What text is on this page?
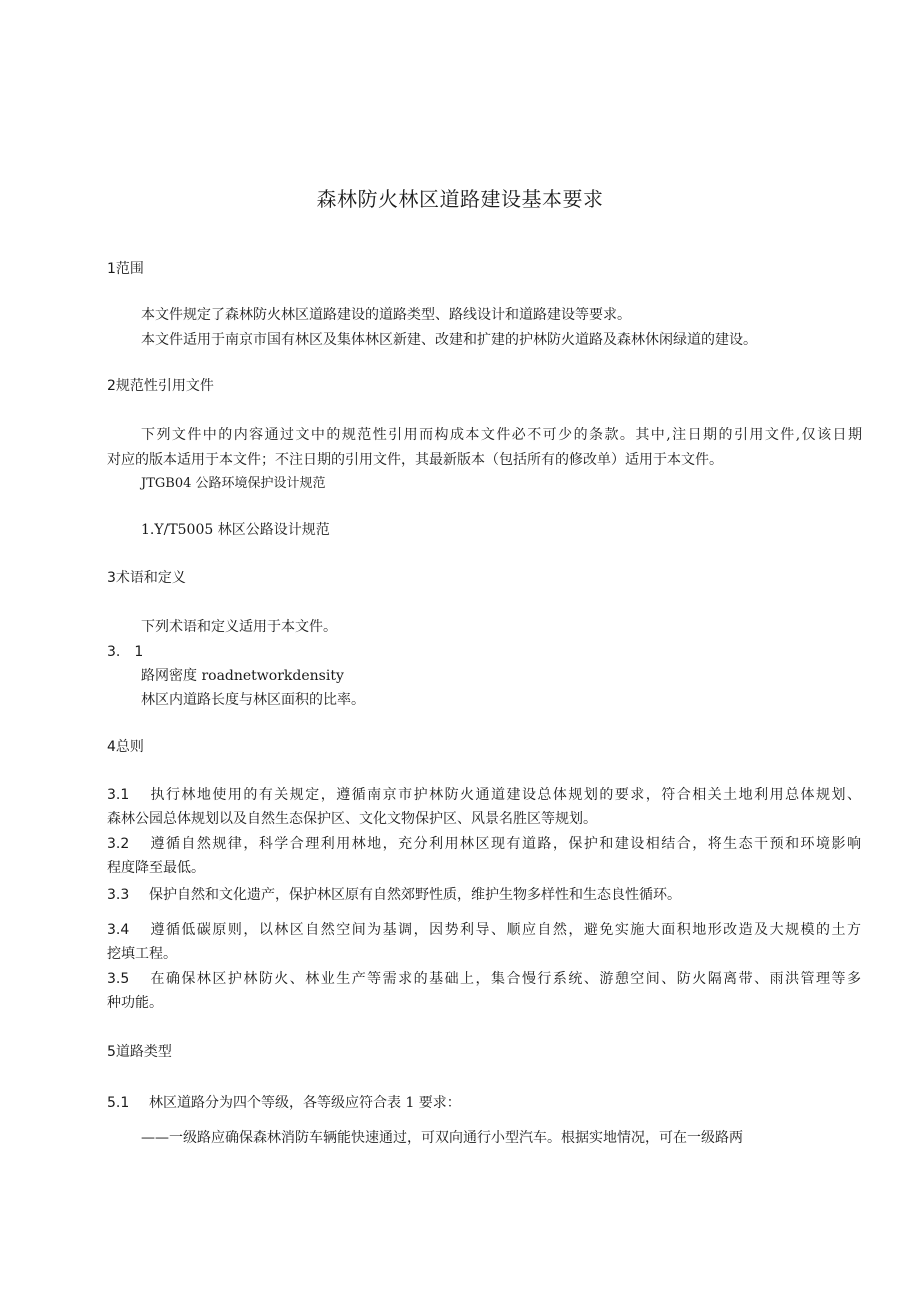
森林防火林区道路建设基本要求
1范围
本文件规定了森林防火林区道路建设的道路类型、路线设计和道路建设等要求。
本文件适用于南京市国有林区及集体林区新建、改建和扩建的护林防火道路及森林休闲绿道的建设。
2规范性引用文件
下列文件中的内容通过文中的规范性引用而构成本文件必不可少的条款。其中,注日期的引用文件,仅该日期
对应的版本适用于本文件；不注日期的引用文件，其最新版本（包括所有的修改单）适用于本文件。
JTGB04 公路环境保护设计规范
1.Y/T5005 林区公路设计规范
3术语和定义
下列术语和定义适用于本文件。
3.　1
路网密度 roadnetworkdensity
林区内道路长度与林区面积的比率。
4总则
3.1 执行林地使用的有关规定，遵循南京市护林防火通道建设总体规划的要求，符合相关土地利用总体规划、
森林公园总体规划以及自然生态保护区、文化文物保护区、风景名胜区等规划。
3.2 遵循自然规律，科学合理利用林地，充分利用林区现有道路，保护和建设相结合，将生态干预和环境影响
程度降至最低。
3.3 保护自然和文化遗产，保护林区原有自然郊野性质，维护生物多样性和生态良性循环。
3.4 遵循低碳原则，以林区自然空间为基调，因势利导、顺应自然，避免实施大面积地形改造及大规模的土方
挖填工程。
3.5 在确保林区护林防火、林业生产等需求的基础上，集合慢行系统、游憩空间、防火隔离带、雨洪管理等多
种功能。
5道路类型
5.1 林区道路分为四个等级，各等级应符合表 1 要求：
——一级路应确保森林消防车辆能快速通过，可双向通行小型汽车。根据实地情况，可在一级路两
